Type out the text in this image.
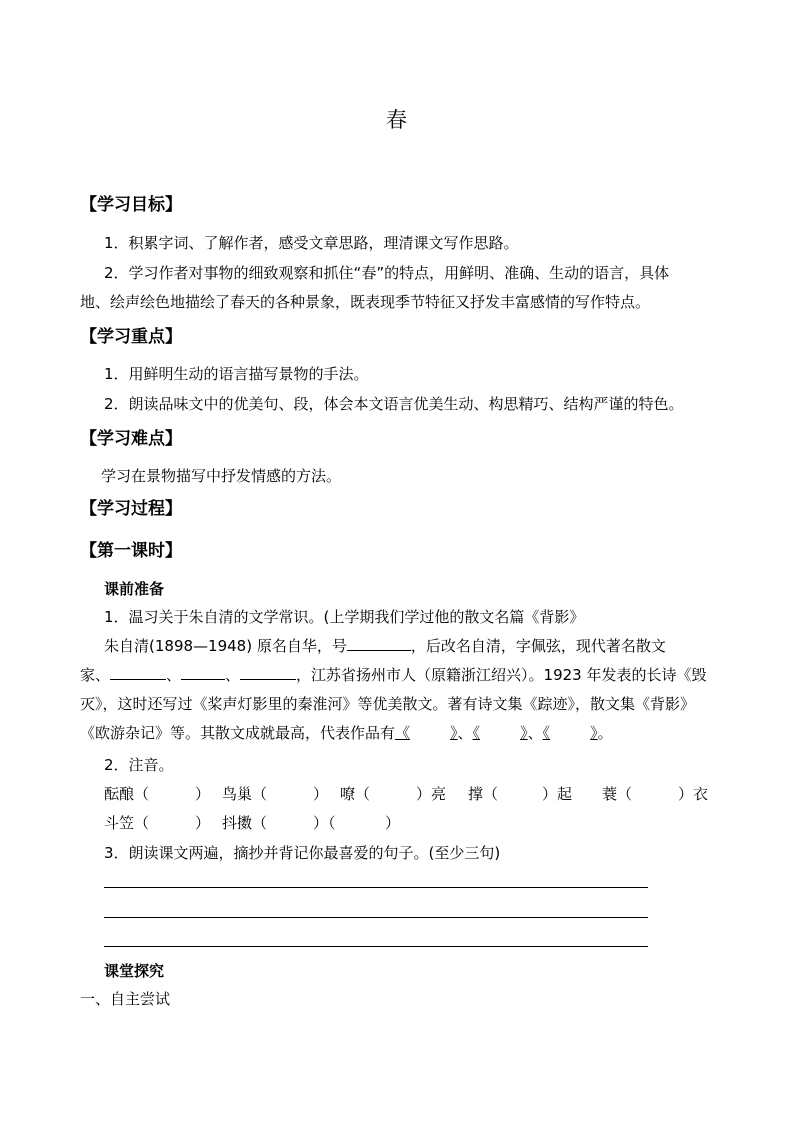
春
【学习目标】
1．积累字词、了解作者，感受文章思路，理清课文写作思路。
2．学习作者对事物的细致观察和抓住“春”的特点，用鲜明、准确、生动的语言，具体
地、绘声绘色地描绘了春天的各种景象，既表现季节特征又抒发丰富感情的写作特点。
【学习重点】
1．用鲜明生动的语言描写景物的手法。
2．朗读品味文中的优美句、段，体会本文语言优美生动、构思精巧、结构严谨的特色。
【学习难点】
学习在景物描写中抒发情感的方法。
【学习过程】
【第一课时】
课前准备
1．温习关于朱自清的文学常识。(上学期我们学过他的散文名篇《背影》
朱自清(1898—1948) 原名自华，号	，后改名自清，字佩弦，现代著名散文
家、	、	、	，江苏省扬州市人（原籍浙江绍兴）。1923 年发表的长诗《毁
灭》，这时还写过《桨声灯影里的秦淮河》等优美散文。著有诗文集《踪迹》，散文集《背影》
《欧游杂记》等。其散文成就最高，代表作品有《	》、《	》、《	》。
2．注音。
酝酿（	） 鸟巢（	） 嘹（	）亮 撑（	）起 蓑（	）衣
斗笠（	） 抖擞（	）（	）
3．朗读课文两遍，摘抄并背记你最喜爱的句子。(至少三句)
课堂探究
一、自主尝试
